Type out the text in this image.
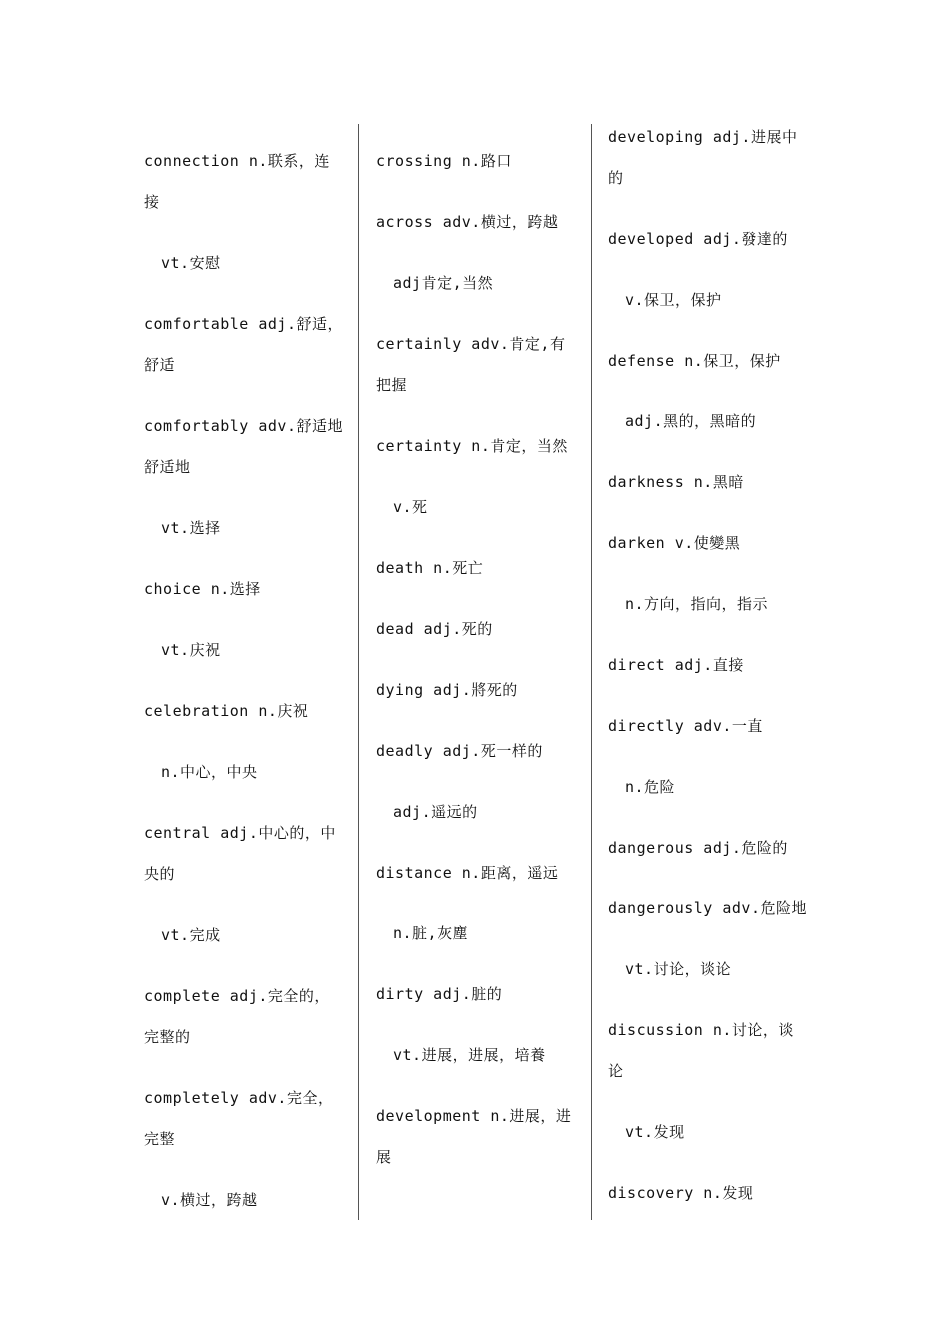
connection n.联系，连接
vt.安慰
comfortable adj.舒适，舒适
comfortably adv.舒适地舒适地
vt.选择
choice n.选择
vt.庆祝
celebration n.庆祝
n.中心，中央
central adj.中心的，中央的
vt.完成
complete adj.完全的，完整的
completely adv.完全，完整
v.横过，跨越
crossing n.路口
across adv.横过，跨越
adj肯定,当然
certainly adv.肯定,有把握
certainty n.肯定，当然
v.死
death n.死亡
dead adj.死的
dying adj.將死的
deadly adj.死一样的
adj.遥远的
distance n.距离，遥远
n.脏,灰塵
dirty adj.脏的
vt.进展，进展，培養
development n.进展，进展
developing adj.进展中的
developed adj.發達的
v.保卫，保护
defense n.保卫，保护
adj.黑的，黑暗的
darkness n.黑暗
darken v.使變黑
n.方向，指向，指示
direct adj.直接
directly adv.一直
n.危险
dangerous adj.危险的
dangerously adv.危险地
vt.讨论，谈论
discussion n.讨论，谈论
vt.发现
discovery n.发现
